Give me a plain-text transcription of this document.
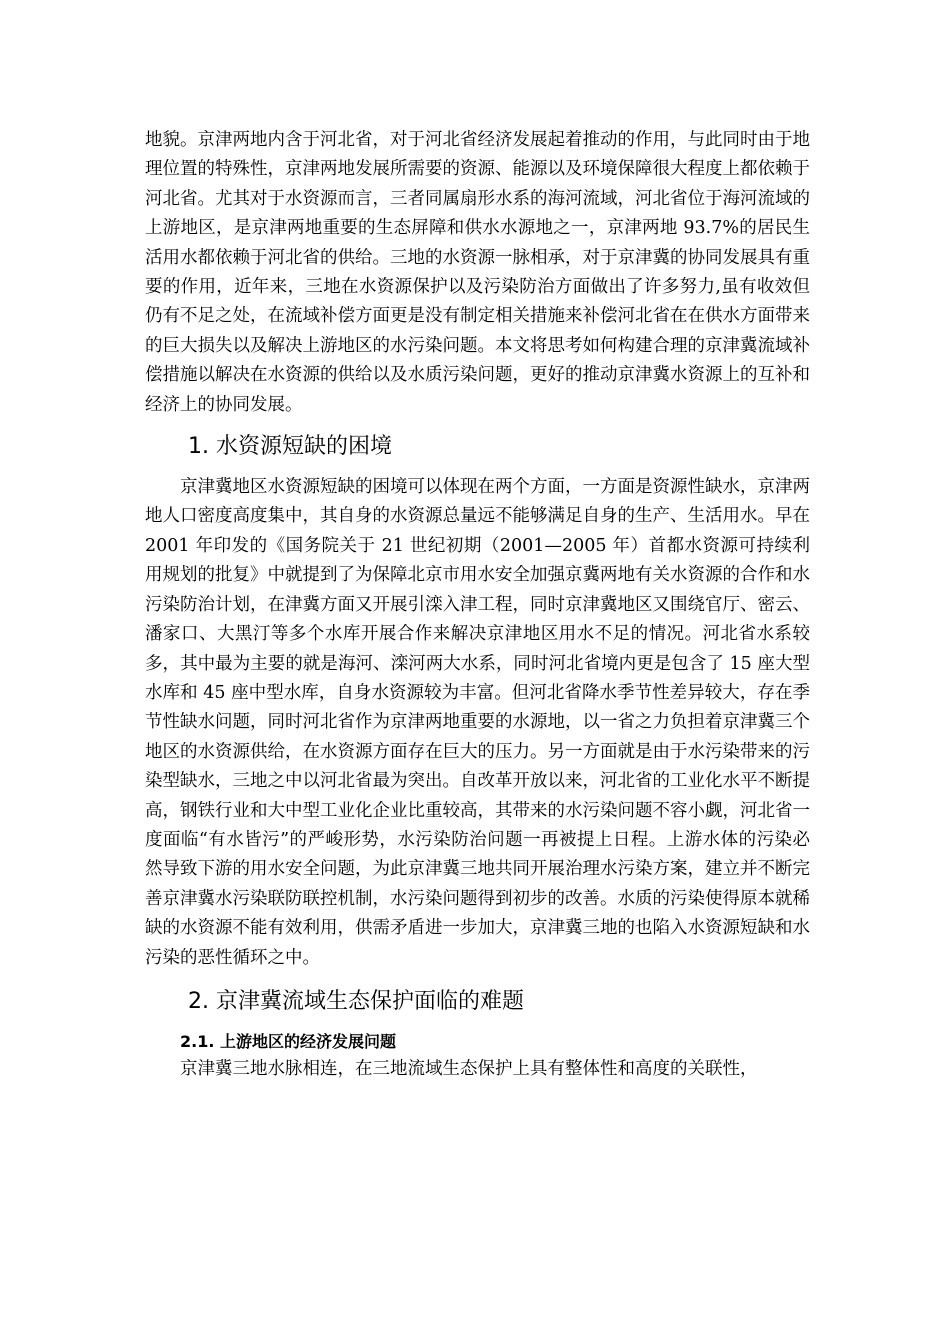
地貌。京津两地内含于河北省，对于河北省经济发展起着推动的作用，与此同时由于地理位置的特殊性，京津两地发展所需要的资源、能源以及环境保障很大程度上都依赖于河北省。尤其对于水资源而言，三者同属扇形水系的海河流域，河北省位于海河流域的上游地区，是京津两地重要的生态屏障和供水水源地之一，京津两地 93.7%的居民生活用水都依赖于河北省的供给。三地的水资源一脉相承，对于京津冀的协同发展具有重要的作用，近年来，三地在水资源保护以及污染防治方面做出了许多努力,虽有收效但仍有不足之处，在流域补偿方面更是没有制定相关措施来补偿河北省在在供水方面带来的巨大损失以及解决上游地区的水污染问题。本文将思考如何构建合理的京津冀流域补偿措施以解决在水资源的供给以及水质污染问题，更好的推动京津冀水资源上的互补和经济上的协同发展。

1. 水资源短缺的困境

京津冀地区水资源短缺的困境可以体现在两个方面，一方面是资源性缺水，京津两地人口密度高度集中，其自身的水资源总量远不能够满足自身的生产、生活用水。早在 2001 年印发的《国务院关于 21 世纪初期（2001—2005 年）首都水资源可持续利用规划的批复》中就提到了为保障北京市用水安全加强京冀两地有关水资源的合作和水污染防治计划，在津冀方面又开展引滦入津工程，同时京津冀地区又围绕官厅、密云、潘家口、大黑汀等多个水库开展合作来解决京津地区用水不足的情况。河北省水系较多，其中最为主要的就是海河、滦河两大水系，同时河北省境内更是包含了 15 座大型水库和 45 座中型水库，自身水资源较为丰富。但河北省降水季节性差异较大，存在季节性缺水问题，同时河北省作为京津两地重要的水源地，以一省之力负担着京津冀三个地区的水资源供给，在水资源方面存在巨大的压力。另一方面就是由于水污染带来的污染型缺水，三地之中以河北省最为突出。自改革开放以来，河北省的工业化水平不断提高，钢铁行业和大中型工业化企业比重较高，其带来的水污染问题不容小觑，河北省一度面临“有水皆污”的严峻形势，水污染防治问题一再被提上日程。上游水体的污染必然导致下游的用水安全问题，为此京津冀三地共同开展治理水污染方案，建立并不断完善京津冀水污染联防联控机制，水污染问题得到初步的改善。水质的污染使得原本就稀缺的水资源不能有效利用，供需矛盾进一步加大，京津冀三地的也陷入水资源短缺和水污染的恶性循环之中。

2. 京津冀流域生态保护面临的难题
2.1. 上游地区的经济发展问题

京津冀三地水脉相连，在三地流域生态保护上具有整体性和高度的关联性，
